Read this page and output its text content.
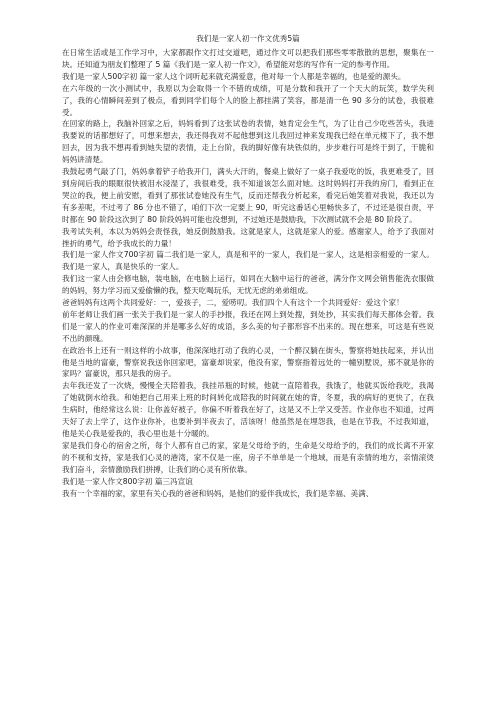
我们是一家人初一作文优秀5篇

在日常生活或是工作学习中，大家都跟作文打过交道吧，通过作文可以把我们那些零零散散的思想，聚集在一块。还知道为朋友们整理了 5 篇《我们是一家人初一作文》，希望能对您的写作有一定的参考作用。

我们是一家人500字初 篇一家人这个词听起来就充满爱意，他对每一个人都是幸福的，也是爱的源头。

在六年级的一次小测试中，我原以为会取得一个不错的成绩，可是分数和我开了一个天大的玩笑，数学失利了，我的心情瞬间差到了极点，看到同学们每个人的脸上都挂满了笑容，都是清一色 90 多分的试卷，我很难受。

在回家的路上，我脑补回家之后，妈妈看到了这张试卷的表情，她肯定会生气，为了让自己少吃些苦头，我进我要说的话都想好了，可想来想去，我还得我对不起他想到这儿我回过神来发现我已经在单元楼下了，我不想回去，因为我不想再看到她失望的表情，走上台阶，我的脚好像有块铁似的，步步难行可是终于到了，干脆和妈妈讲清楚。

我鼓起勇气敲了门，妈妈拿着铲子给我开门，满头大汗的，餐桌上做好了一桌子我爱吃的饭，我更难受了，回到房间后我的眼眶很快被泪水浸湿了，我很难受，我不知道该怎么面对她。这时妈妈打开我的房门，看到正在哭泣的我，便上前安慰，看到了那张试卷她没有生气，反而还帮我分析起来，看完后她笑着对我说，我还以为有多差呢，不过考了 86 分也不错了，咱们下次一定要上 90，听完这番话心里畅快多了，不过还是很自责，平时都在 90 阶段这次到了 80 阶段妈妈可能也没想到，不过她还是鼓励我，下次测试就不会是 80 阶段了。

我考试失利，本以为妈妈会责怪我，她反倒鼓励我。这就是家人，这就是家人的爱。感谢家人，给予了我面对挫折的勇气，给予我成长的力量！

我们是一家人作文700字初 篇二我们是一家人，真是和平的一家人，我们是一家人，这是相亲相爱的一家人。我们是一家人，真是快乐的一家人。

我们这一家人由会修电脑，装电脑，在电脑上运行，如同在大脑中运行的爸爸，满分作文网会销售能洗衣服做的妈妈，努力学习而又爱偷懒的我，整天吃喝玩乐，无忧无虑的弟弟组成。

爸爸妈妈有这两个共同爱好：一，爱孩子，二，爱唠叨。我们四个人有这个一个共同爱好：爱这个家！

前年老师让我们画一张关于我们是一家人的手抄报，我还在网上到处搜，到处抄，其实我们每天都体会着。我们是一家人的作业可难深深的并是哪多么好的成语，多么美的句子都形容不出来的。现在想来，可这是有些说不出的颜瑰。

在政治书上还有一则这样的小故事，他深深地打动了我的心灵，一个醉汉躺在街头，警察将她扶起来，并认出他是当地的富豪，警察说我送你回家吧，富豪却说家，他没有家，警察指着远处的一幢别墅说，那不就是你的家吗？富豪说，那只是我的房子。

去年我还发了一次烧，慢慢全天陪着我，我挂吊瓶的时候，他就一直陪着我，我饿了，他就买饭给我吃，我渴了她就倒水给我。和她把自己用来上班的时间转化成陪我的时间就在她的背，冬夏，我的病好的更快了，在我生病时，他经常这么说：让你盖好被子，你偏不听着我在好了，这是又不上学又受苦。作业你也不知道，过两天好了去上学了，这作业你补，也要补到半夜去了，活该呀！他虽然是在埋怨我，也是在节我，不过我知道，他是关心我是爱我的，我心里也是十分暖的。

家是我们身心的宿舍之所，每个人都有自己的家，家是父母给予的，生命是父母给予的，我们的成长离不开家的不视和支持，家是我们心灵的港湾，家不仅是一座，房子不单单是一个地域，而是有亲情的地方，亲情滚烫我们奋斗，亲情激励我们拼搏，让我们的心灵有所依靠。

我们是一家人作文800字初 篇三冯宣谊

我有一个幸福的家，家里有关心我的爸爸和妈妈，是他们的爱伴我成长，我们是幸福、美满、
